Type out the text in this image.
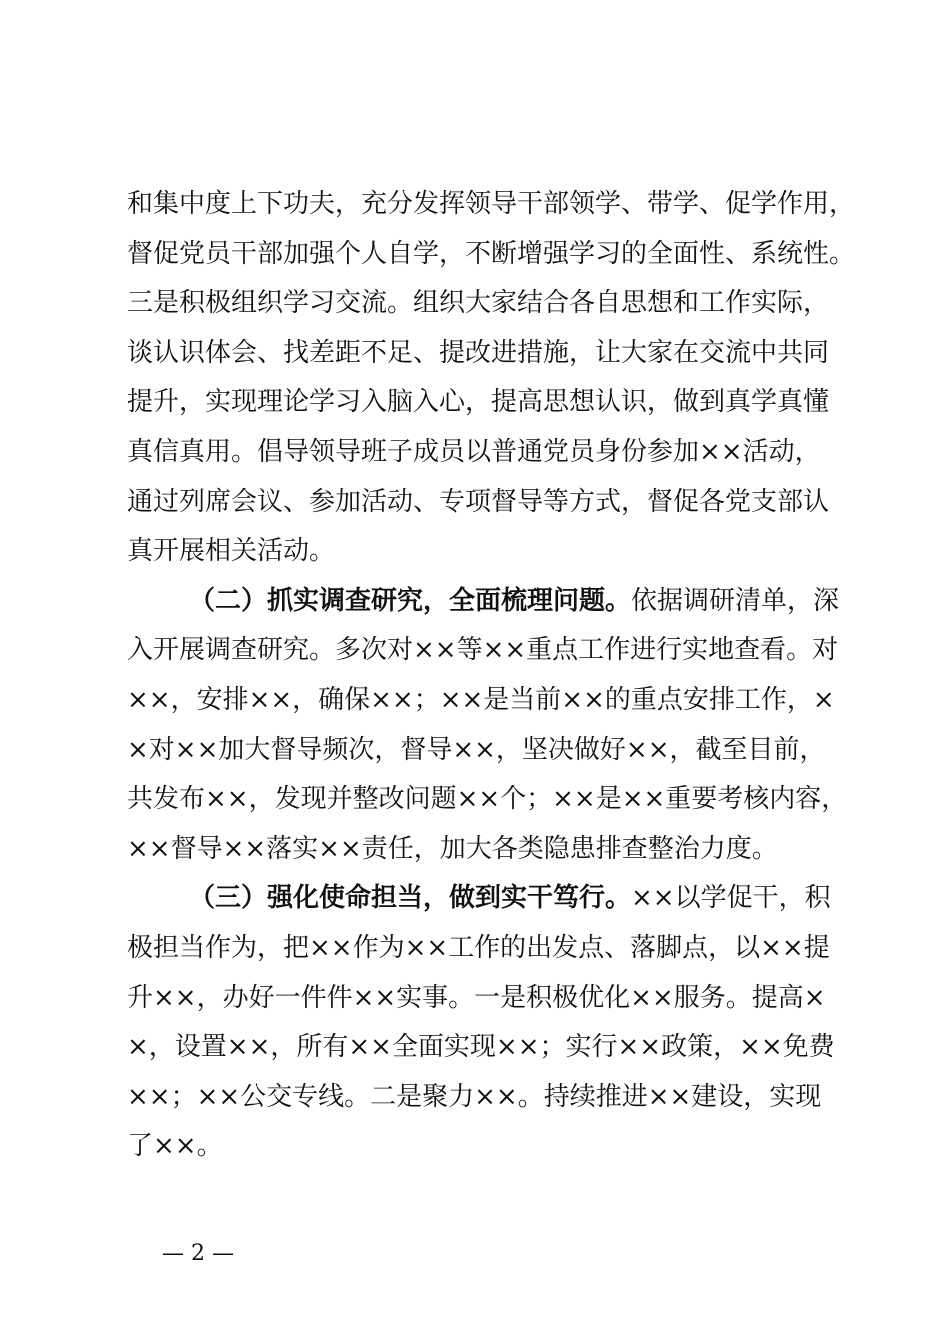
和集中度上下功夫，充分发挥领导干部领学、带学、促学作用，
督促党员干部加强个人自学，不断增强学习的全面性、系统性。
三是积极组织学习交流。组织大家结合各自思想和工作实际，
谈认识体会、找差距不足、提改进措施，让大家在交流中共同
提升，实现理论学习入脑入心，提高思想认识，做到真学真懂
真信真用。倡导领导班子成员以普通党员身份参加××活动，
通过列席会议、参加活动、专项督导等方式，督促各党支部认
真开展相关活动。
（二）抓实调查研究，全面梳理问题。依据调研清单，深
入开展调查研究。多次对××等××重点工作进行实地查看。对
××，安排××，确保××；××是当前××的重点安排工作，×
×对××加大督导频次，督导××，坚决做好××，截至目前，
共发布××，发现并整改问题××个；××是××重要考核内容，
××督导××落实××责任，加大各类隐患排查整治力度。
（三）强化使命担当，做到实干笃行。××以学促干，积
极担当作为，把××作为××工作的出发点、落脚点，以××提
升××，办好一件件××实事。一是积极优化××服务。提高×
×，设置××，所有××全面实现××；实行××政策，××免费
××；××公交专线。二是聚力××。持续推进××建设，实现
了××。
— 2 —
